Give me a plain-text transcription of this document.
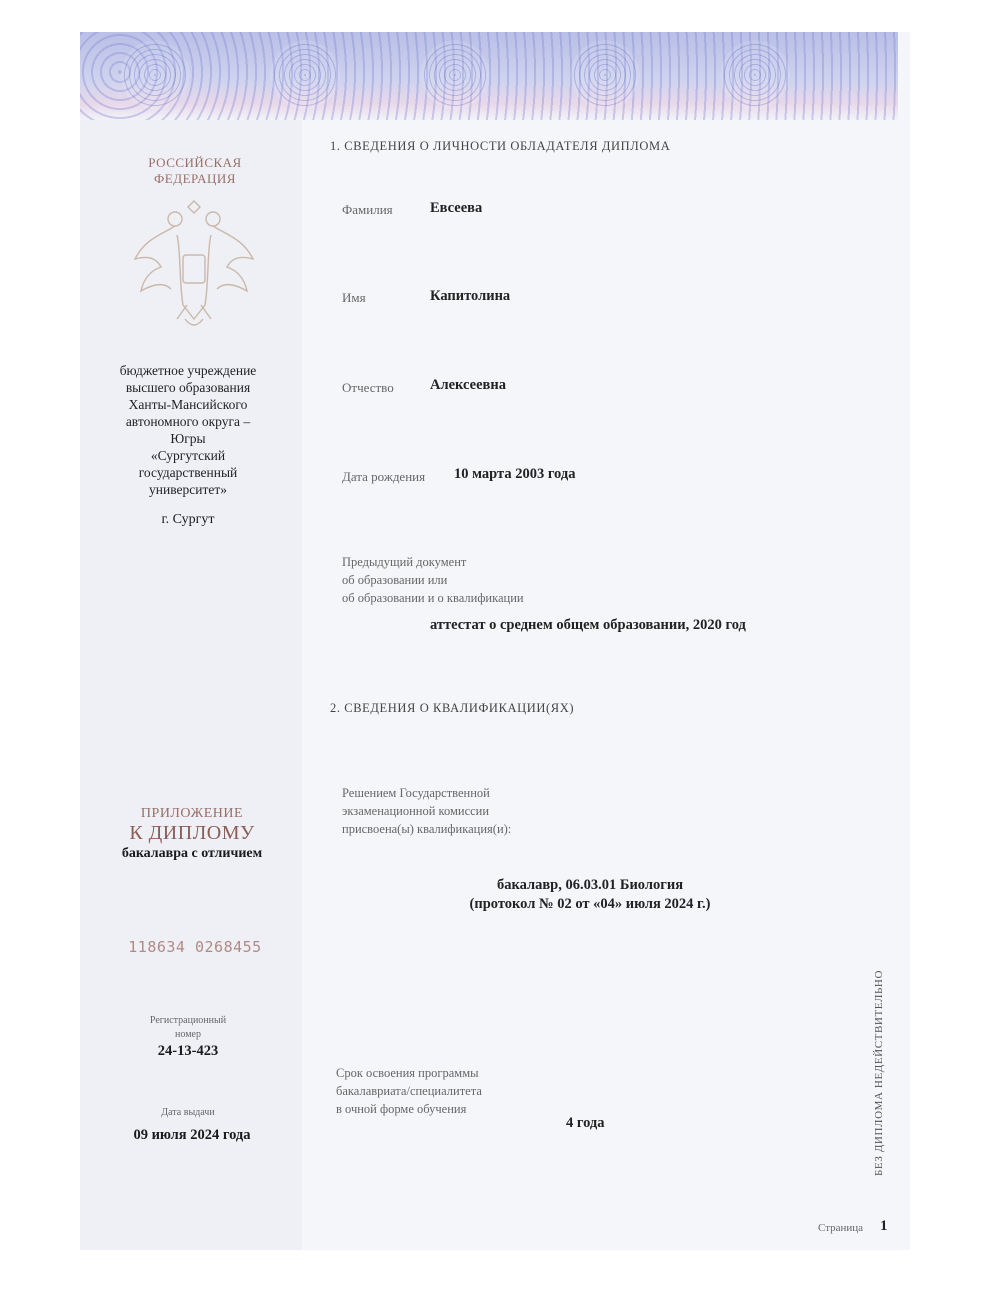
РОССИЙСКАЯ
ФЕДЕРАЦИЯ
бюджетное учреждение
высшего образования
Ханты-Мансийского
автономного округа –
Югры
«Сургутский
государственный
университет»
г. Сургут
ПРИЛОЖЕНИЕ
К ДИПЛОМУ
бакалавра с отличием
118634 0268455
Регистрационный
номер
24-13-423
Дата выдачи
09 июля 2024 года
1. СВЕДЕНИЯ О ЛИЧНОСТИ ОБЛАДАТЕЛЯ ДИПЛОМА
Фамилия	Евсеева
Имя	Капитолина
Отчество	Алексеевна
Дата рождения 10 марта 2003 года
Предыдущий документ
об образовании или
об образовании и о квалификации
аттестат о среднем общем образовании, 2020 год
2. СВЕДЕНИЯ О КВАЛИФИКАЦИИ(ЯХ)
Решением Государственной
экзаменационной комиссии
присвоена(ы) квалификация(и):
бакалавр, 06.03.01 Биология
(протокол № 02 от «04» июля 2024 г.)
Срок освоения программы
бакалавриата/специалитета
в очной форме обучения
4 года	БЕЗ ДИПЛОМА НЕДЕЙСТВИТЕЛЬНО
Страница 1
